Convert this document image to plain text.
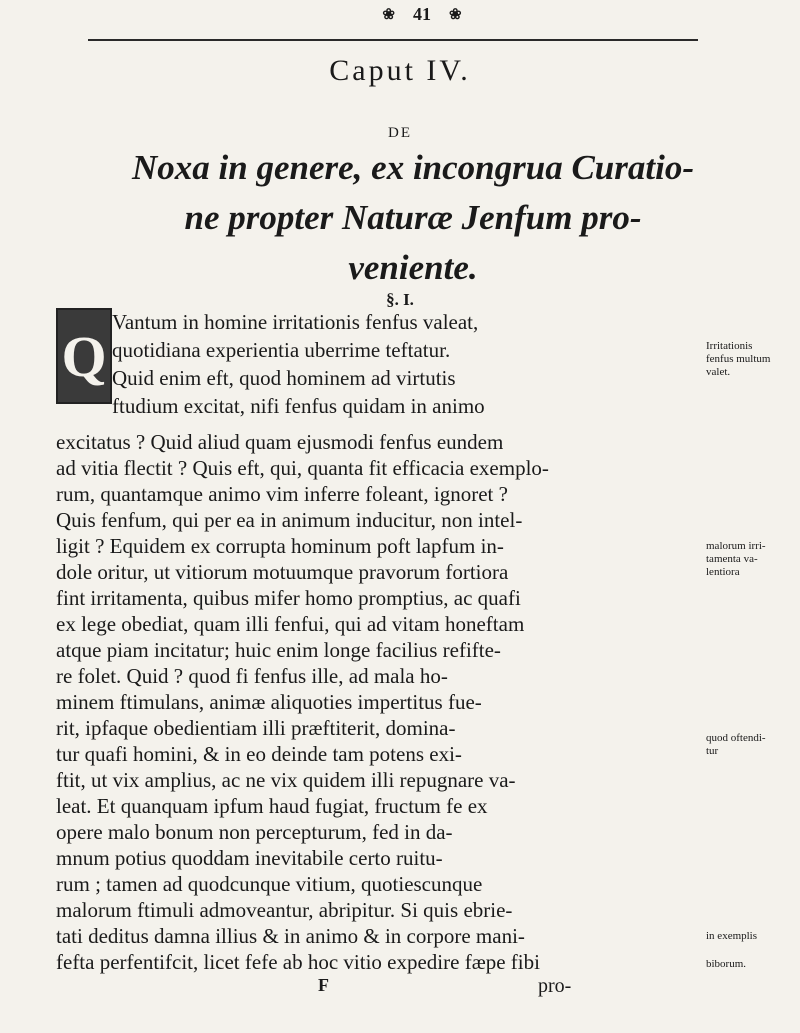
❀ 41 ❀
Caput IV.
DE
Noxa in genere, ex incongrua Curatio-
ne propter Naturæ Jenfum pro-
veniente.
§. I.
Q
Vantum in homine irritationis fenfus valeat,
quotidiana experientia uberrime teftatur.
Quid enim eft, quod hominem ad virtutis
ftudium excitat, nifi fenfus quidam in animo
excitatus ? Quid aliud quam ejusmodi fenfus eundem
ad vitia flectit ? Quis eft, qui, quanta fit efficacia exemplo-
rum, quantamque animo vim inferre foleant, ignoret ?
Quis fenfum, qui per ea in animum inducitur, non intel-
ligit ? Equidem ex corrupta hominum poft lapfum in-
dole oritur, ut vitiorum motuumque pravorum fortiora
fint irritamenta, quibus mifer homo promptius, ac quafi
ex lege obediat, quam illi fenfui, qui ad vitam honeftam
atque piam incitatur; huic enim longe facilius refifte-
re folet. Quid ? quod fi fenfus ille, ad mala ho-
minem ftimulans, animæ aliquoties impertitus fue-
rit, ipfaque obedientiam illi præftiterit, domina-
tur quafi homini, & in eo deinde tam potens exi-
ftit, ut vix amplius, ac ne vix quidem illi repugnare va-
leat. Et quanquam ipfum haud fugiat, fructum fe ex
opere malo bonum non percepturum, fed in da-
mnum potius quoddam inevitabile certo ruitu-
rum ; tamen ad quodcunque vitium, quotiescunque
malorum ftimuli admoveantur, abripitur. Si quis ebrie-
tati deditus damna illius & in animo & in corpore mani-
fefta perfentifcit, licet fefe ab hoc vitio expedire fæpe fibi
Irritationis
fenfus multum
valet.
malorum irri-
tamenta va-
lentiora
quod oftendi-
tur
in exemplis
biborum.
F	pro-
